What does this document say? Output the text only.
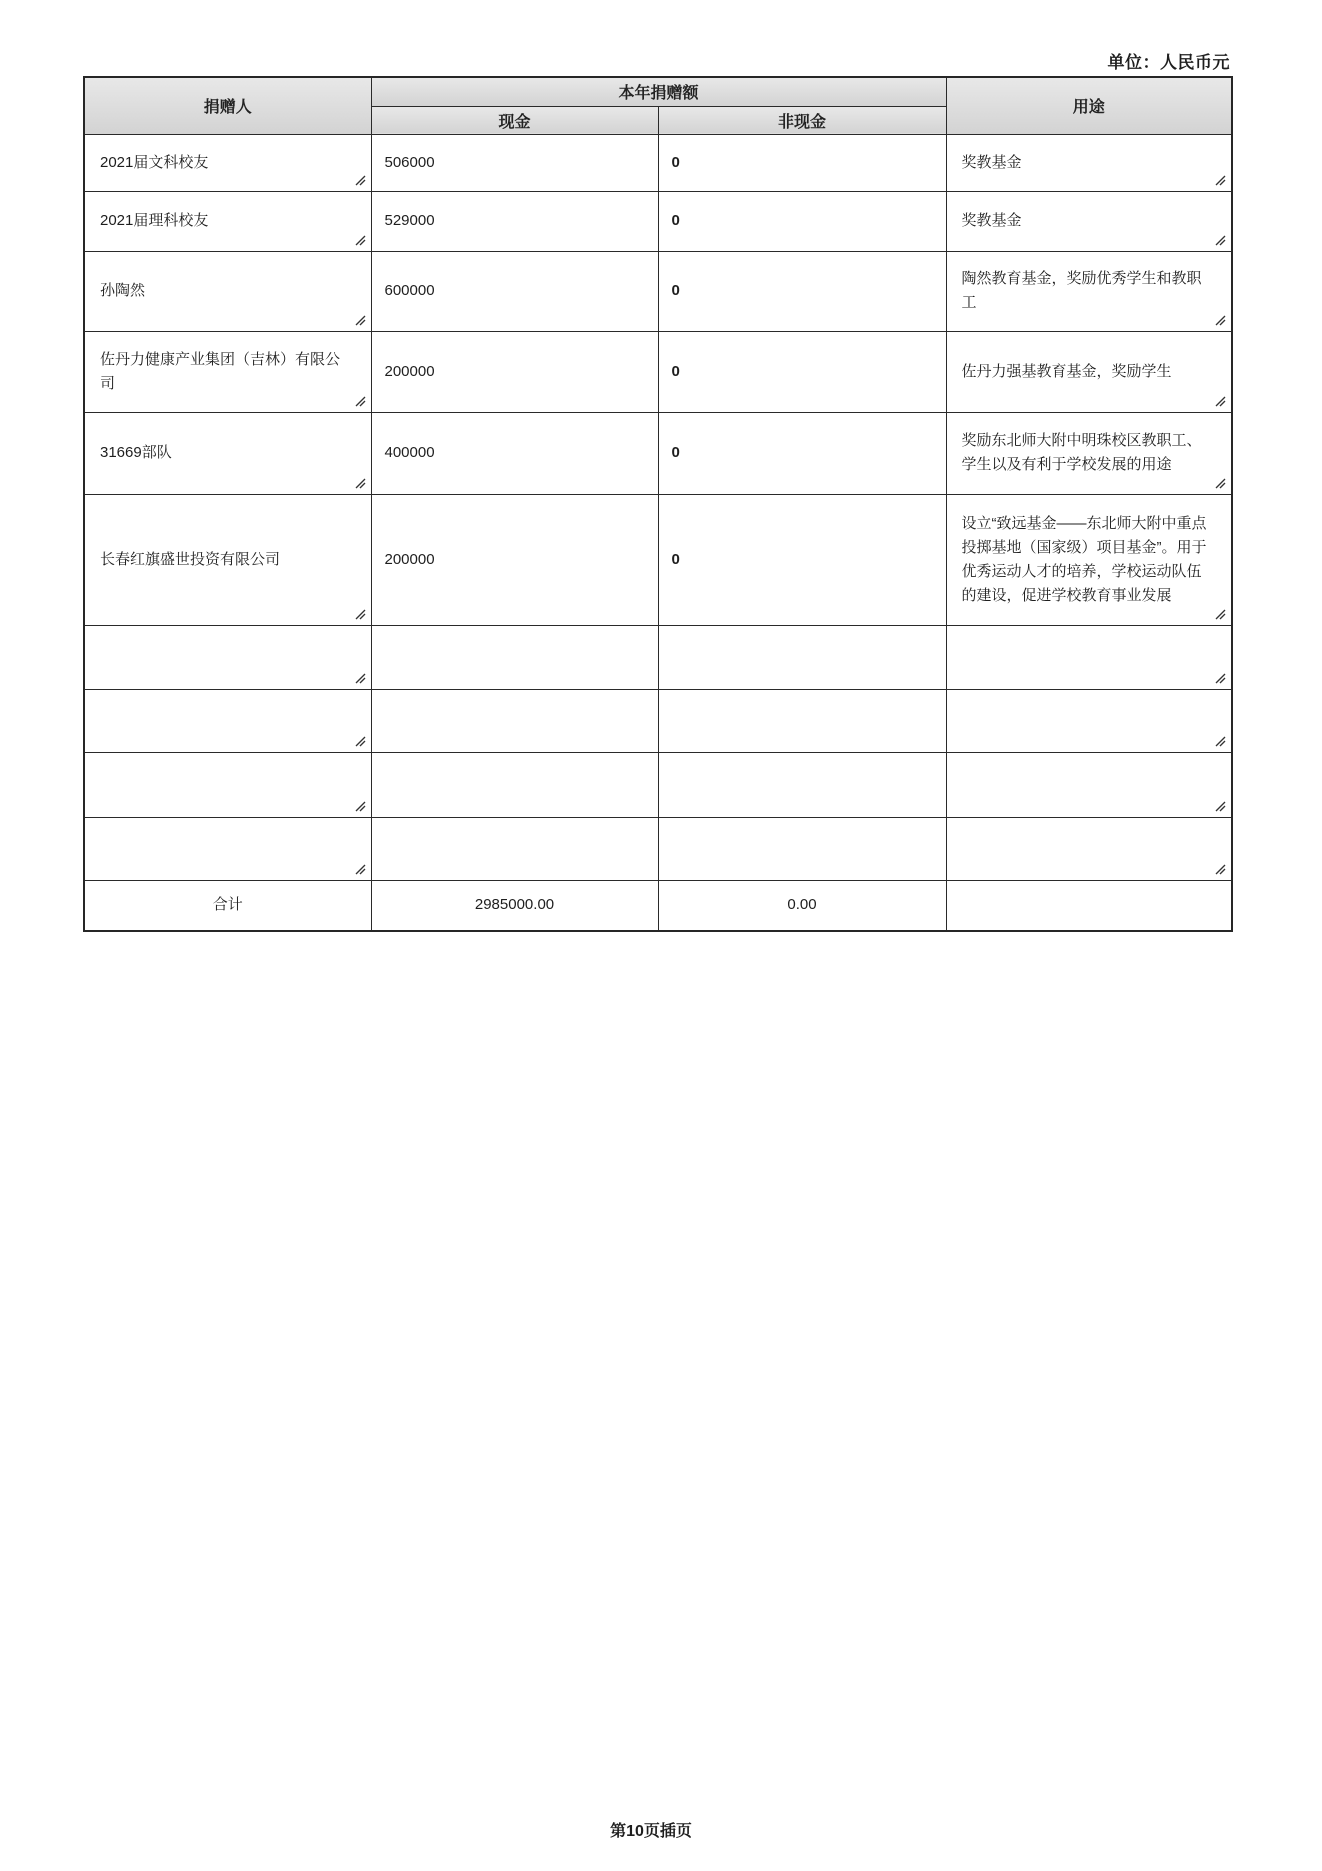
单位：人民币元
捐赠人	本年捐赠额		用途
	现金	非现金	

2021届文科校友	506000	0	奖教基金

2021届理科校友	529000	0	奖教基金

孙陶然	600000	0	陶然教育基金，奖励优秀学生和教职工

佐丹力健康产业集团（吉林）有限公司	200000	0	佐丹力强基教育基金，奖励学生

31669部队	400000	0	奖励东北师大附中明珠校区教职工、学生以及有利于学校发展的用途

长春红旗盛世投资有限公司	200000	0	设立“致远基金——东北师大附中重点投掷基地（国家级）项目基金”。用于优秀运动人才的培养，学校运动队伍的建设，促进学校教育事业发展

合计	2985000.00	0.00	
第10页插页
